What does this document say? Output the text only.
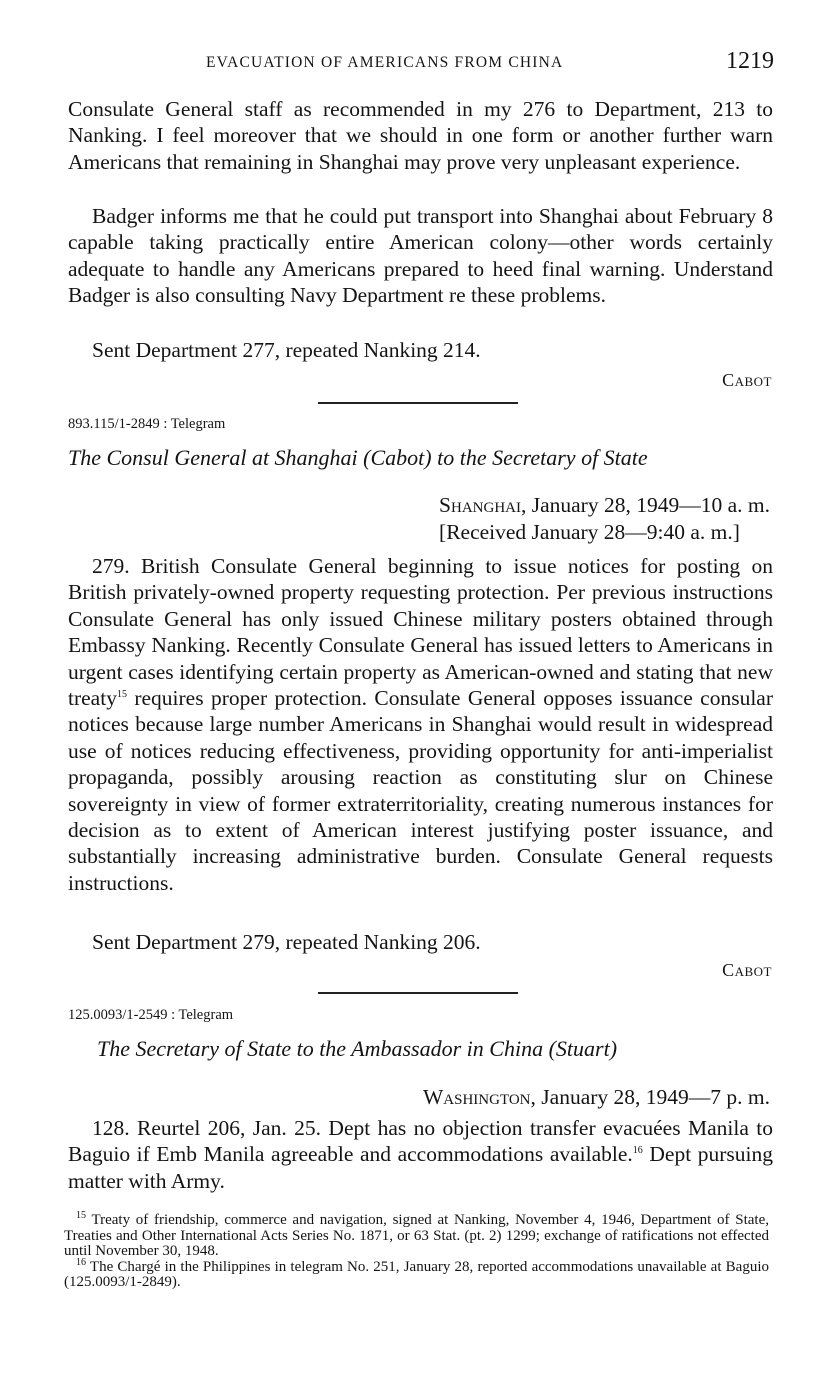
EVACUATION OF AMERICANS FROM CHINA	1219

Consulate General staff as recommended in my 276 to Department, 213 to Nanking. I feel moreover that we should in one form or another further warn Americans that remaining in Shanghai may prove very unpleasant experience.

Badger informs me that he could put transport into Shanghai about February 8 capable taking practically entire American colony—other words certainly adequate to handle any Americans prepared to heed final warning. Understand Badger is also consulting Navy Department re these problems.

Sent Department 277, repeated Nanking 214.

Cabot
893.115/1-2849 : Telegram
The Consul General at Shanghai (Cabot) to the Secretary of State
Shanghai, January 28, 1949—10 a. m.
[Received January 28—9:40 a. m.]

279. British Consulate General beginning to issue notices for posting on British privately-owned property requesting protection. Per previous instructions Consulate General has only issued Chinese military posters obtained through Embassy Nanking. Recently Consulate General has issued letters to Americans in urgent cases identifying certain property as American-owned and stating that new treaty$^{15}$ requires proper protection. Consulate General opposes issuance consular notices because large number Americans in Shanghai would result in widespread use of notices reducing effectiveness, providing opportunity for anti-imperialist propaganda, possibly arousing reaction as constituting slur on Chinese sovereignty in view of former extraterritoriality, creating numerous instances for decision as to extent of American interest justifying poster issuance, and substantially increasing administrative burden. Consulate General requests instructions.

Sent Department 279, repeated Nanking 206.

Cabot
125.0093/1-2549 : Telegram
The Secretary of State to the Ambassador in China (Stuart)
Washington, January 28, 1949—7 p. m.

128. Reurtel 206, Jan. 25. Dept has no objection transfer evacuées Manila to Baguio if Emb Manila agreeable and accommodations available.$^{16}$ Dept pursuing matter with Army.

$^{15}$ Treaty of friendship, commerce and navigation, signed at Nanking, November 4, 1946, Department of State, Treaties and Other International Acts Series No. 1871, or 63 Stat. (pt. 2) 1299; exchange of ratifications not effected until November 30, 1948.

$^{16}$ The Chargé in the Philippines in telegram No. 251, January 28, reported accommodations unavailable at Baguio (125.0093/1-2849).
